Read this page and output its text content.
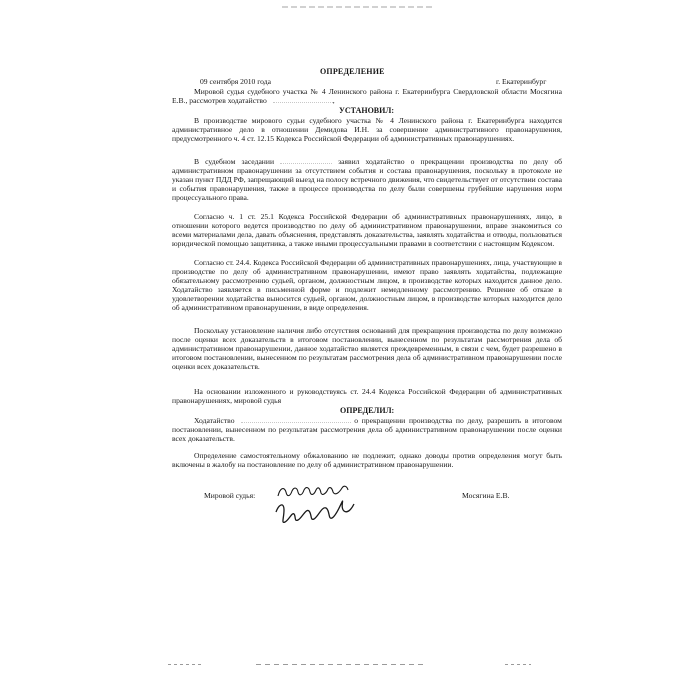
ОПРЕДЕЛЕНИЕ
09 сентября 2010 года	г. Екатеринбург
Мировой судья судебного участка № 4 Ленинского района г. Екатеринбурга Свердловской области Мосягина Е.В., рассмотрев ходатайство	,
УСТАНОВИЛ:
В производстве мирового судьи судебного участка № 4 Ленинского района г. Екатеринбурга находится административное дело в отношении Демидова И.Н. за совершение административного правонарушения, предусмотренного ч. 4 ст. 12.15 Кодекса Российской Федерации об административных правонарушениях.
В судебном заседании	заявил ходатайство о прекращении производства по делу об административном правонарушении за отсутствием события и состава правонарушения, поскольку в протоколе не указан пункт ПДД РФ, запрещающий выезд на полосу встречного движения, что свидетельствует от отсутствии состава и события правонарушения, также в процессе производства по делу были совершены грубейшие нарушения норм процессуального права.
Согласно ч. 1 ст. 25.1 Кодекса Российской Федерации об административных правонарушениях, лицо, в отношении которого ведется производство по делу об административном правонарушении, вправе знакомиться со всеми материалами дела, давать объяснения, представлять доказательства, заявлять ходатайства и отводы, пользоваться юридической помощью защитника, а также иными процессуальными правами в соответствии с настоящим Кодексом.
Согласно ст. 24.4. Кодекса Российской Федерации об административных правонарушениях, лица, участвующие в производстве по делу об административном правонарушении, имеют право заявлять ходатайства, подлежащие обязательному рассмотрению судьей, органом, должностным лицом, в производстве которых находится данное дело. Ходатайство заявляется в письменной форме и подлежит немедленному рассмотрению. Решение об отказе в удовлетворении ходатайства выносится судьей, органом, должностным лицом, в производстве которых находится дело об административном правонарушении, в виде определения.
Поскольку установление наличия либо отсутствия оснований для прекращения производства по делу возможно после оценки всех доказательств в итоговом постановлении, вынесенном по результатам рассмотрения дела об административном правонарушении, данное ходатайство является преждевременным, в связи с чем, будет разрешено в итоговом постановлении, вынесенном по результатам рассмотрения дела об административном правонарушении после оценки всех доказательств.
На основании изложенного и руководствуясь ст. 24.4 Кодекса Российской Федерации об административных правонарушениях, мировой судья
ОПРЕДЕЛИЛ:
Ходатайство	о прекращении производства по делу, разрешить в итоговом постановлении, вынесенном по результатам рассмотрения дела об административном правонарушении после оценки всех доказательств.
Определение самостоятельному обжалованию не подлежит, однако доводы против определения могут быть включены в жалобу на постановление по делу об административном правонарушении.
Мировой судья:	Мосягина Е.В.
